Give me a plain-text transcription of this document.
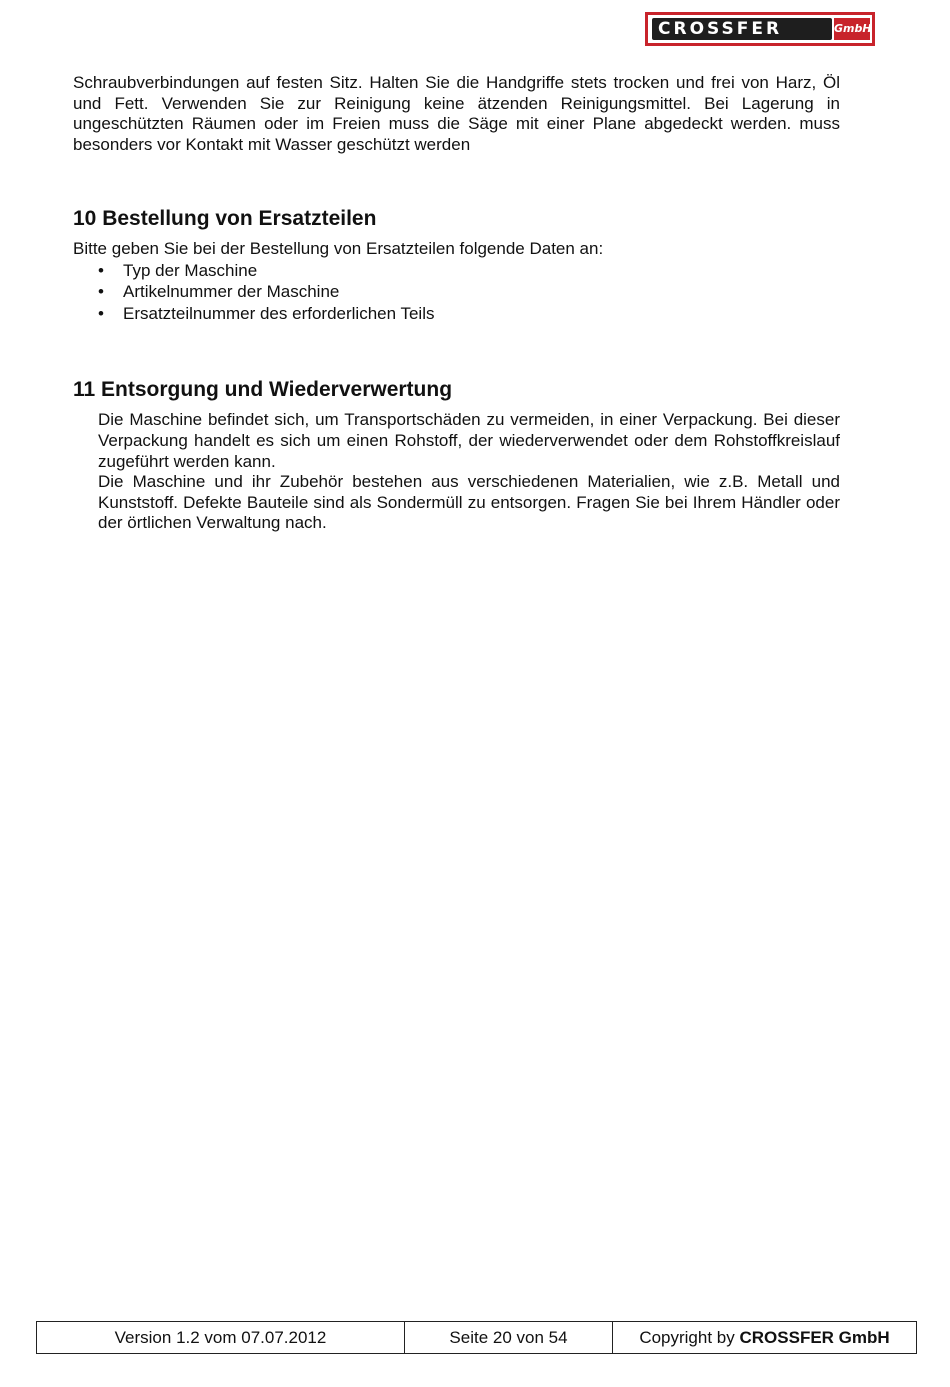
CROSSFER	GmbH

Schraubverbindungen auf festen Sitz. Halten Sie die Handgriffe stets trocken und frei von Harz, Öl und Fett. Verwenden Sie zur Reinigung keine ätzenden Reinigungsmittel. Bei Lagerung in ungeschützten Räumen oder im Freien muss die Säge mit einer Plane abgedeckt werden. muss besonders vor Kontakt mit Wasser geschützt werden

10 Bestellung von Ersatzteilen

Bitte geben Sie bei der Bestellung von Ersatzteilen folgende Daten an:

• Typ der Maschine
• Artikelnummer der Maschine
• Ersatzteilnummer des erforderlichen Teils
11 Entsorgung und Wiederverwertung

Die Maschine befindet sich, um Transportschäden zu vermeiden, in einer Verpackung. Bei dieser Verpackung handelt es sich um einen Rohstoff, der wiederverwendet oder dem Rohstoffkreislauf zugeführt werden kann.

Die Maschine und ihr Zubehör bestehen aus verschiedenen Materialien, wie z.B. Metall und Kunststoff. Defekte Bauteile sind als Sondermüll zu entsorgen. Fragen Sie bei Ihrem Händler oder der örtlichen Verwaltung nach.

Version 1.2 vom 07.07.2012	Seite 20 von 54	Copyright by CROSSFER GmbH
